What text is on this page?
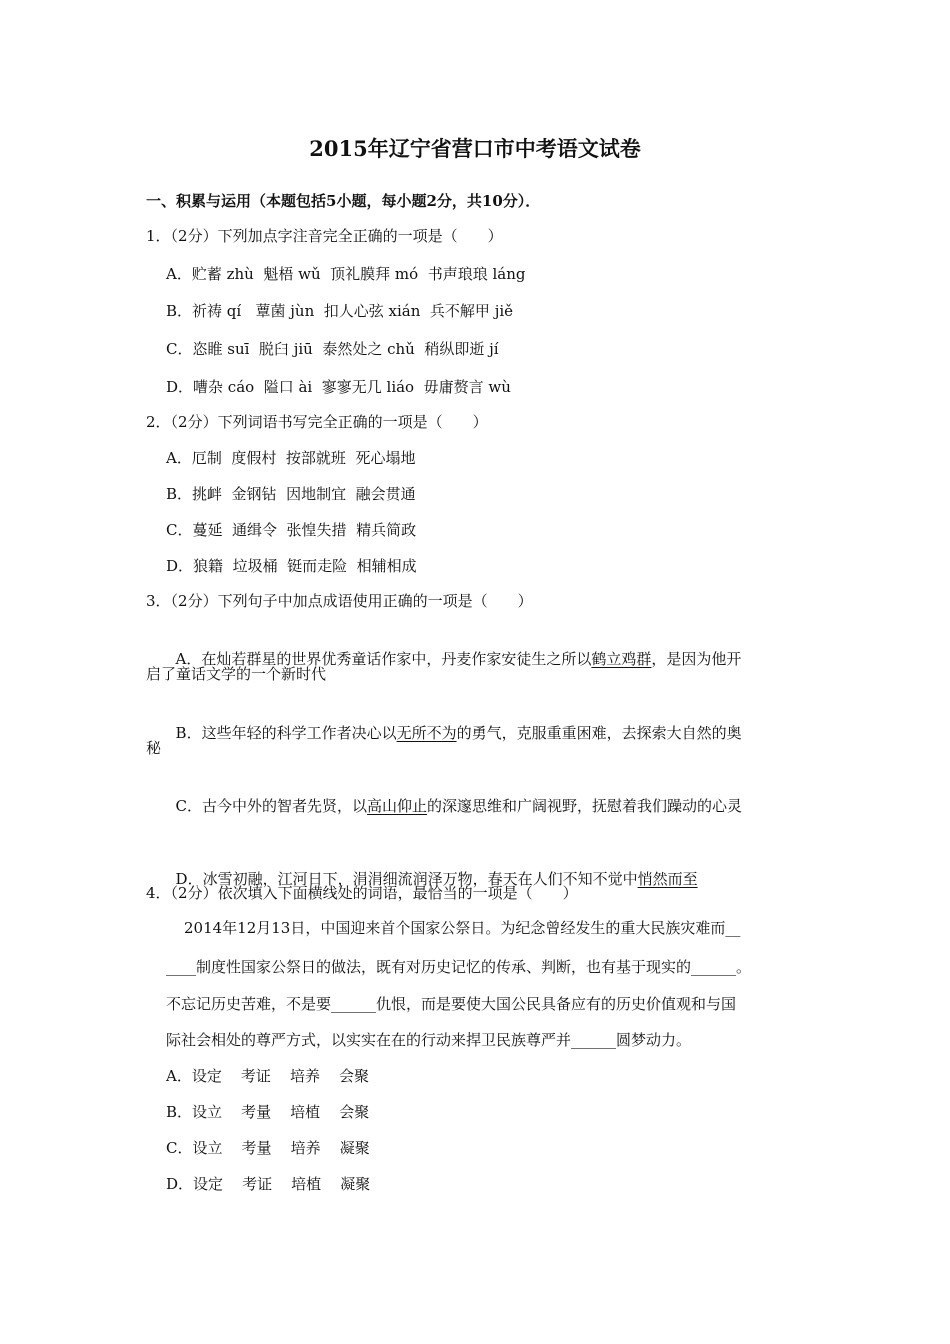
2015年辽宁省营口市中考语文试卷
一、积累与运用（本题包括5小题，每小题2分，共10分）．
1．（2分）下列加点字注音完全正确的一项是（　　）
A．贮蓄 zhù  魁梧 wǔ  顶礼膜拜 mó  书声琅琅 láng
B．祈祷 qí   蕈菌 jùn  扣人心弦 xián  兵不解甲 jiě
C．恣睢 suī  脱臼 jiū  泰然处之 chǔ  稍纵即逝 jí
D．嘈杂 cáo  隘口 ài  寥寥无几 liáo  毋庸赘言 wù
2．（2分）下列词语书写完全正确的一项是（　　）
A．厄制  度假村  按部就班  死心塌地
B．挑衅  金钢钻  因地制宜  融会贯通
C．蔓延  通缉令  张惶失措  精兵简政
D．狼籍  垃圾桶  铤而走险  相辅相成
3．（2分）下列句子中加点成语使用正确的一项是（　　）

A．在灿若群星的世界优秀童话作家中，丹麦作家安徒生之所以鹤立鸡群，是因为他开

启了童话文学的一个新时代

B．这些年轻的科学工作者决心以无所不为的勇气，克服重重困难，去探索大自然的奥

秘

C．古今中外的智者先贤，以高山仰止的深邃思维和广阔视野，抚慰着我们躁动的心灵

D．冰雪初融，江河日下，涓涓细流润泽万物，春天在人们不知不觉中悄然而至

4．（2分）依次填入下面横线处的词语，最恰当的一项是（　　）
2014年12月13日，中国迎来首个国家公祭日。为纪念曾经发生的重大民族灾难而__
____制度性国家公祭日的做法，既有对历史记忆的传承、判断，也有基于现实的______。
不忘记历史苦难，不是要______仇恨，而是要使大国公民具备应有的历史价值观和与国
际社会相处的尊严方式，以实实在在的行动来捍卫民族尊严并______圆梦动力。
A．设定    考证    培养    会聚
B．设立    考量    培植    会聚
C．设立    考量    培养    凝聚
D．设定    考证    培植    凝聚
